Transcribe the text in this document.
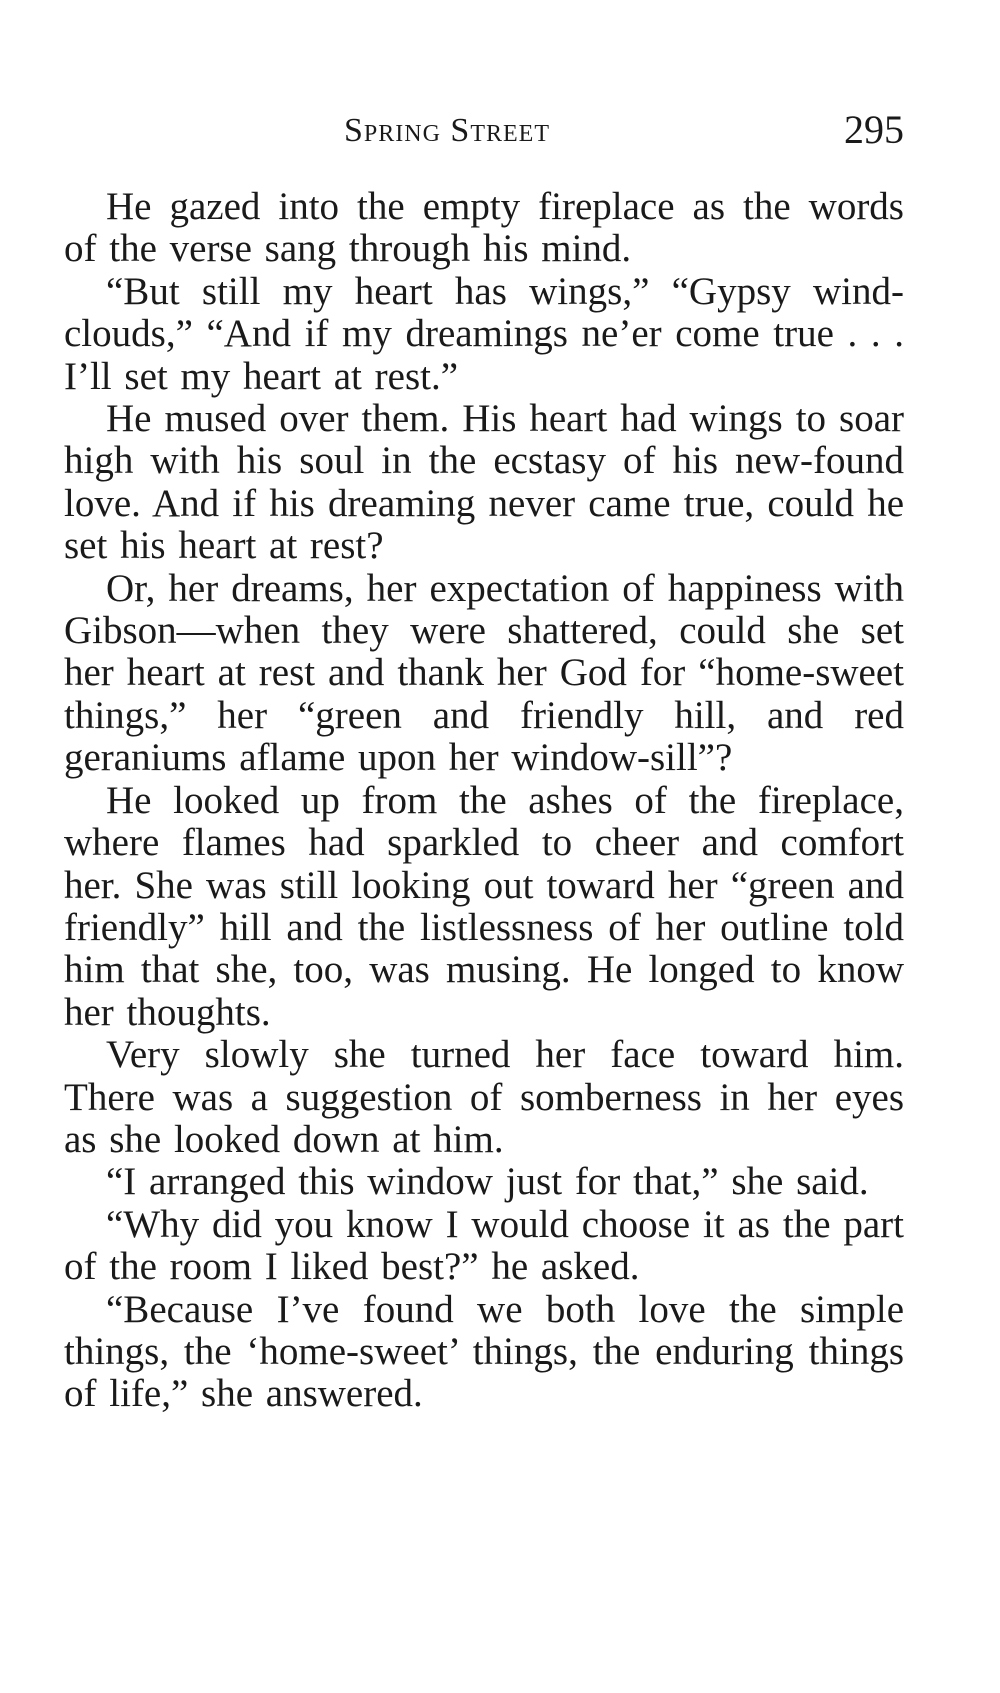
Spring Street	295

He gazed into the empty fireplace as the words of the verse sang through his mind.

“But still my heart has wings,” “Gypsy wind-clouds,” “And if my dreamings ne’er come true . . . I’ll set my heart at rest.”

He mused over them. His heart had wings to soar high with his soul in the ecstasy of his new-found love. And if his dreaming never came true, could he set his heart at rest?

Or, her dreams, her expectation of happiness with Gibson—when they were shattered, could she set her heart at rest and thank her God for “home-sweet things,” her “green and friendly hill, and red geraniums aflame upon her window-sill”?

He looked up from the ashes of the fireplace, where flames had sparkled to cheer and comfort her. She was still looking out toward her “green and friendly” hill and the listlessness of her outline told him that she, too, was musing. He longed to know her thoughts.

Very slowly she turned her face toward him. There was a suggestion of somberness in her eyes as she looked down at him.

“I arranged this window just for that,” she said.

“Why did you know I would choose it as the part of the room I liked best?” he asked.

“Because I’ve found we both love the simple things, the ‘home-sweet’ things, the enduring things of life,” she answered.
